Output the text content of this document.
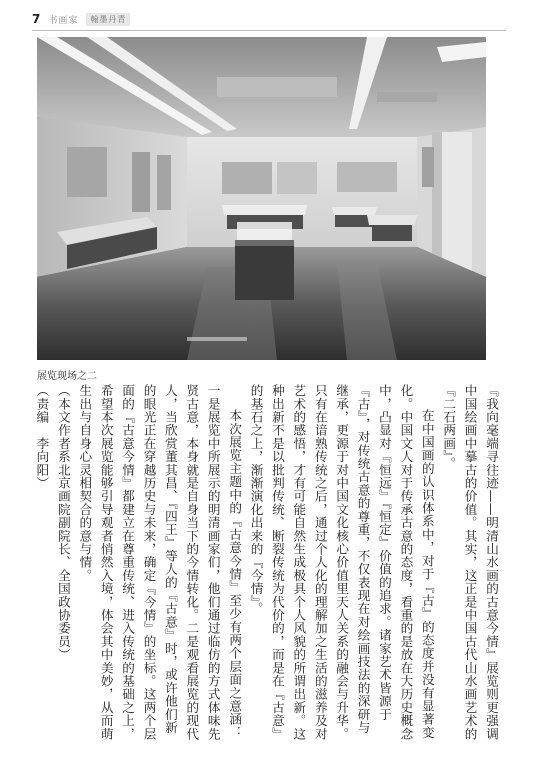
7 书画家	翰墨丹青
展览现场之二

『我向毫端寻往迹——明清山水画的古意今情』展览则更强调中国绘画中摹古的价值。其实，这正是中国古代山水画艺术的『二石两画』。

在中国画的认识体系中，对于『古』的态度并没有显著变化。中国文人对于传承古意的态度，看重的是放在大历史概念中，凸显对『恒远』『恒定』价值的追求。诸家艺术皆源于『古』，对传统古意的尊重，不仅表现在对绘画技法的深研与继承，更源于对中国文化核心价值里天人关系的融会与升华。只有在谙熟传统之后，通过个人化的理解加之生活的滋养及对艺术的感悟，才有可能自然生成极具个人风貌的所谓出新。这种出新不是以批判传统、断裂传统为代价的，而是在『古意』的基石之上，渐渐演化出来的『今情』。

本次展览主题中的『古意今情』至少有两个层面之意涵：一是展览中所展示的明清画家们，他们通过临仿的方式体味先贤古意，本身就是自身当下的今情转化。二是观看展览的现代人，当欣赏董其昌、『四王』等人的『古意』时，或许他们新的眼光正在穿越历史与未来，确定『今情』的坐标。这两个层面的『古意今情』都建立在尊重传统、进入传统的基础之上，希望本次展览能够引导观者悄然入境，体会其中美妙，从而萌生出与自身心灵相契合的意与情。

（本文作者系北京画院副院长、全国政协委员）

（责编　李向阳）
